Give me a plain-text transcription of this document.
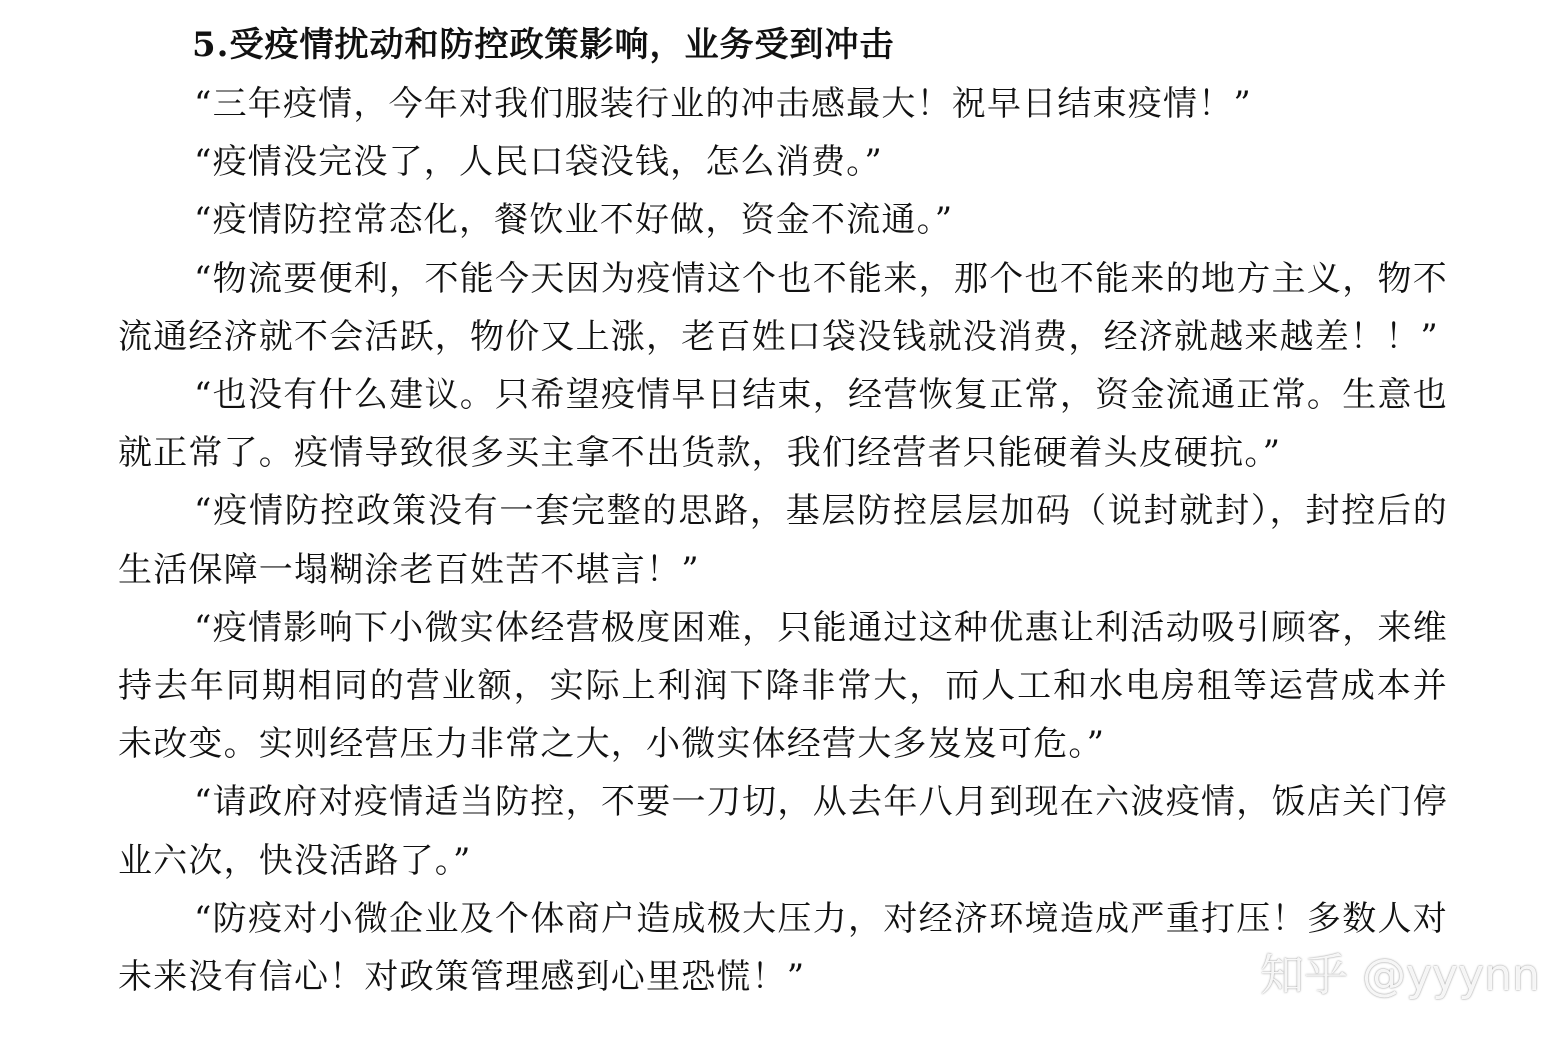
5.受疫情扰动和防控政策影响，业务受到冲击

“三年疫情，今年对我们服装行业的冲击感最大！祝早日结束疫情！”

“疫情没完没了，人民口袋没钱，怎么消费。”

“疫情防控常态化，餐饮业不好做，资金不流通。”

“物流要便利，不能今天因为疫情这个也不能来，那个也不能来的地方主义，物不流通经济就不会活跃，物价又上涨，老百姓口袋没钱就没消费，经济就越来越差！！”

“也没有什么建议。只希望疫情早日结束，经营恢复正常，资金流通正常。生意也就正常了。疫情导致很多买主拿不出货款，我们经营者只能硬着头皮硬抗。”

“疫情防控政策没有一套完整的思路，基层防控层层加码（说封就封），封控后的生活保障一塌糊涂老百姓苦不堪言！”

“疫情影响下小微实体经营极度困难，只能通过这种优惠让利活动吸引顾客，来维持去年同期相同的营业额，实际上利润下降非常大，而人工和水电房租等运营成本并未改变。实则经营压力非常之大，小微实体经营大多岌岌可危。”

“请政府对疫情适当防控，不要一刀切，从去年八月到现在六波疫情，饭店关门停业六次，快没活路了。”

“防疫对小微企业及个体商户造成极大压力，对经济环境造成严重打压！多数人对未来没有信心！对政策管理感到心里恐慌！”	知乎 @yyynn
